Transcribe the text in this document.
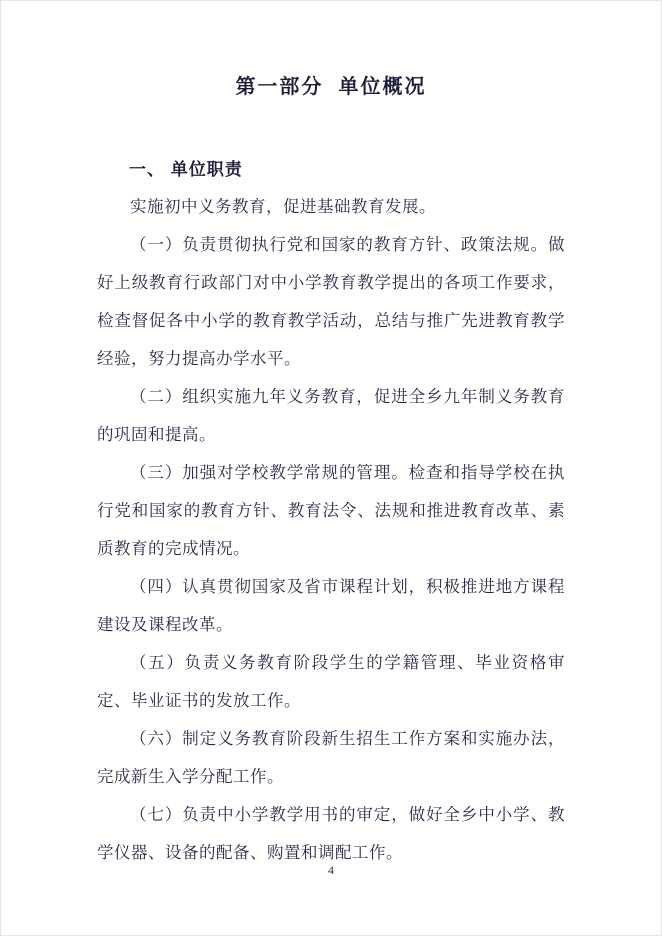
第一部分  单位概况
一、 单位职责

实施初中义务教育，促进基础教育发展。

（一）负责贯彻执行党和国家的教育方针、政策法规。做好上级教育行政部门对中小学教育教学提出的各项工作要求，检查督促各中小学的教育教学活动，总结与推广先进教育教学经验，努力提高办学水平。

（二）组织实施九年义务教育，促进全乡九年制义务教育的巩固和提高。

（三）加强对学校教学常规的管理。检查和指导学校在执行党和国家的教育方针、教育法令、法规和推进教育改革、素质教育的完成情况。

（四）认真贯彻国家及省市课程计划，积极推进地方课程建设及课程改革。

（五）负责义务教育阶段学生的学籍管理、毕业资格审定、毕业证书的发放工作。

（六）制定义务教育阶段新生招生工作方案和实施办法，完成新生入学分配工作。

（七）负责中小学教学用书的审定，做好全乡中小学、教学仪器、设备的配备、购置和调配工作。

4
